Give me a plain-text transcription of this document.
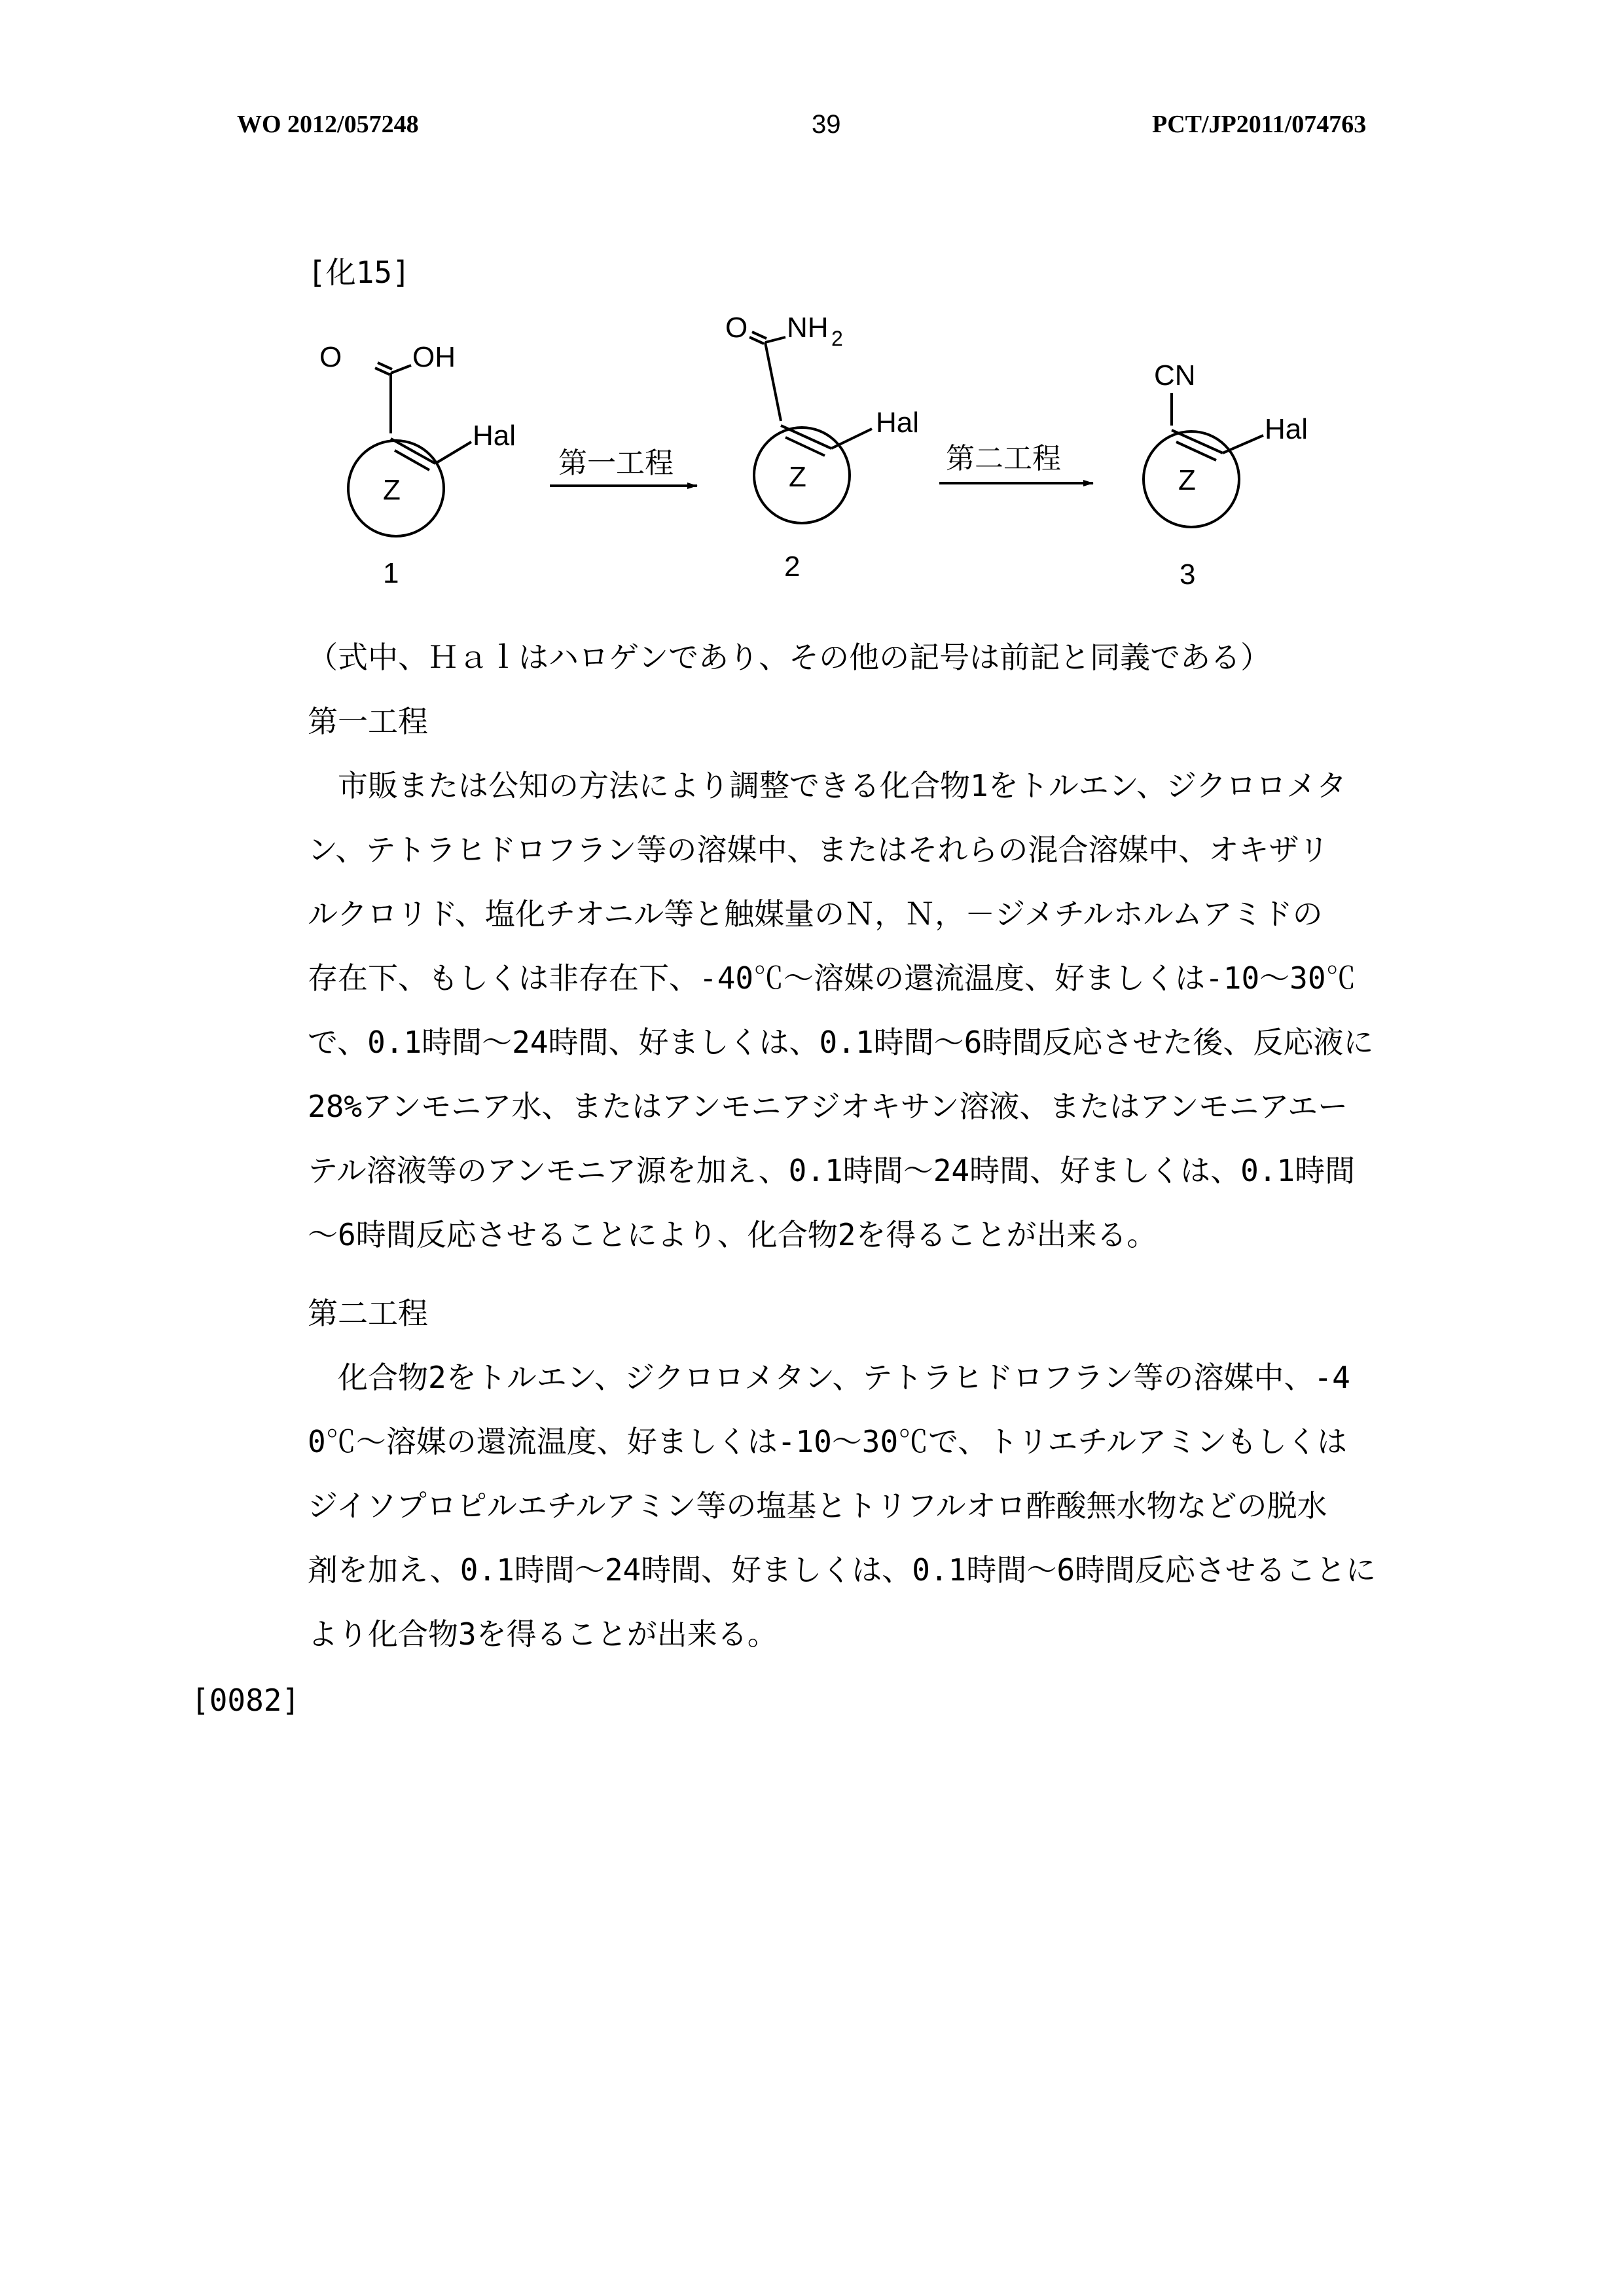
WO 2012/057248	39	PCT/JP2011/074763
[化15]
O OH
Hal
Z
1
第一工程
O NH 2
Hal
Z
2
第二工程
CN
Hal
Z
3
（式中、Ｈａｌはハロゲンであり、その他の記号は前記と同義である）
第一工程
　市販または公知の方法により調整できる化合物1をトルエン、ジクロロメタ
ン、テトラヒドロフラン等の溶媒中、またはそれらの混合溶媒中、オキザリ
ルクロリド、塩化チオニル等と触媒量のＮ，Ｎ，－ジメチルホルムアミドの
存在下、もしくは非存在下、-40℃～溶媒の還流温度、好ましくは-10～30℃
で、0.1時間～24時間、好ましくは、0.1時間～6時間反応させた後、反応液に
28%アンモニア水、またはアンモニアジオキサン溶液、またはアンモニアエー
テル溶液等のアンモニア源を加え、0.1時間～24時間、好ましくは、0.1時間
～6時間反応させることにより、化合物2を得ることが出来る。
第二工程
　化合物2をトルエン、ジクロロメタン、テトラヒドロフラン等の溶媒中、-4
0℃～溶媒の還流温度、好ましくは-10～30℃で、トリエチルアミンもしくは
ジイソプロピルエチルアミン等の塩基とトリフルオロ酢酸無水物などの脱水
剤を加え、0.1時間～24時間、好ましくは、0.1時間～6時間反応させることに
より化合物3を得ることが出来る。
[0082]
